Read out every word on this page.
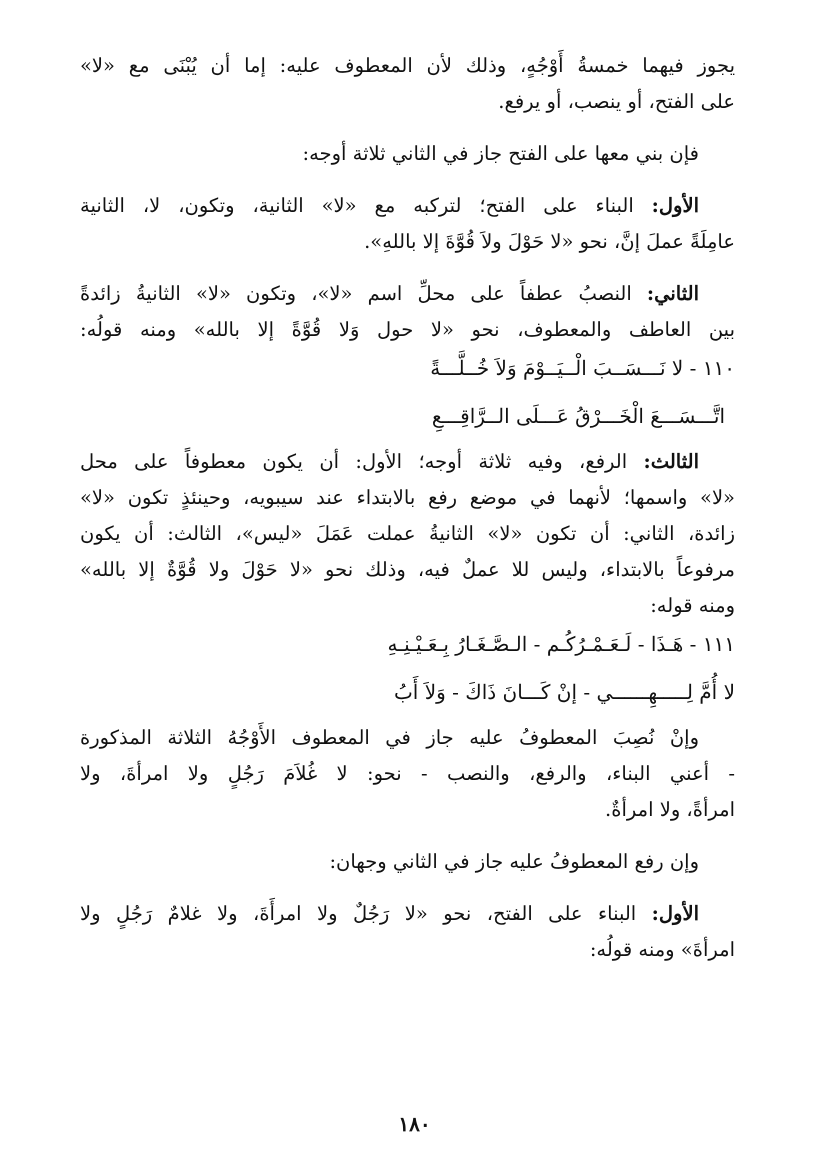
يجوز فيهما خمسةُ أَوْجُهٍ، وذلك لأن المعطوف عليه: إما أن يُبْنَى مع «لا»
على الفتح، أو ينصب، أو يرفع.
فإن بني معها على الفتح جاز في الثاني ثلاثة أوجه:
الأول: البناء على الفتح؛ لتركبه مع «لا» الثانية، وتكون، لا، الثانية
عامِلَةً عملَ إنَّ، نحو «لا حَوْلَ ولاَ قُوَّةَ إلا باللهِ».
الثاني: النصبُ عطفاً على محلِّ اسم «لا»، وتكون «لا» الثانيةُ زائدةً
بين العاطف والمعطوف، نحو «لا حول وَلا قُوَّةً إلا بالله» ومنه قولُه:
١١٠ - لا نَـــسَــبَ الْــيَــوْمَ وَلاَ خُــلَّـــةً
اتَّـــسَـــعَ الْخَـــرْقُ عَـــلَى الــرَّاقِـــعِ
الثالث: الرفع، وفيه ثلاثة أوجه؛ الأول: أن يكون معطوفاً على محل
«لا» واسمها؛ لأنهما في موضع رفع بالابتداء عند سيبويه، وحينئذٍ تكون «لا»
زائدة، الثاني: أن تكون «لا» الثانيةُ عملت عَمَلَ «ليس»، الثالث: أن يكون
مرفوعاً بالابتداء، وليس للا عملٌ فيه، وذلك نحو «لا حَوْلَ ولا قُوَّةٌ إلا بالله»
ومنه قوله:
١١١ - هَـذَا - لَـعَـمْـرُكُـم - الـصَّـغَـارُ بِـعَـيْـنِـهِ
لا أُمَّ لِـــــهِــــــي - إنْ كَـــانَ ذَاكَ - وَلاَ أَبُ
وإنْ نُصِبَ المعطوفُ عليه جاز في المعطوف الأَوْجُهُ الثلاثة المذكورة
- أعني البناء، والرفع، والنصب - نحو: لا غُلاَمَ رَجُلٍ ولا امرأةَ، ولا
امرأةً، ولا امرأةٌ.
وإن رفع المعطوفُ عليه جاز في الثاني وجهان:
الأول: البناء على الفتح، نحو «لا رَجُلٌ ولا امرأَةَ، ولا غلامٌ رَجُلٍ ولا
امرأةَ» ومنه قولُه:
١٨٠
